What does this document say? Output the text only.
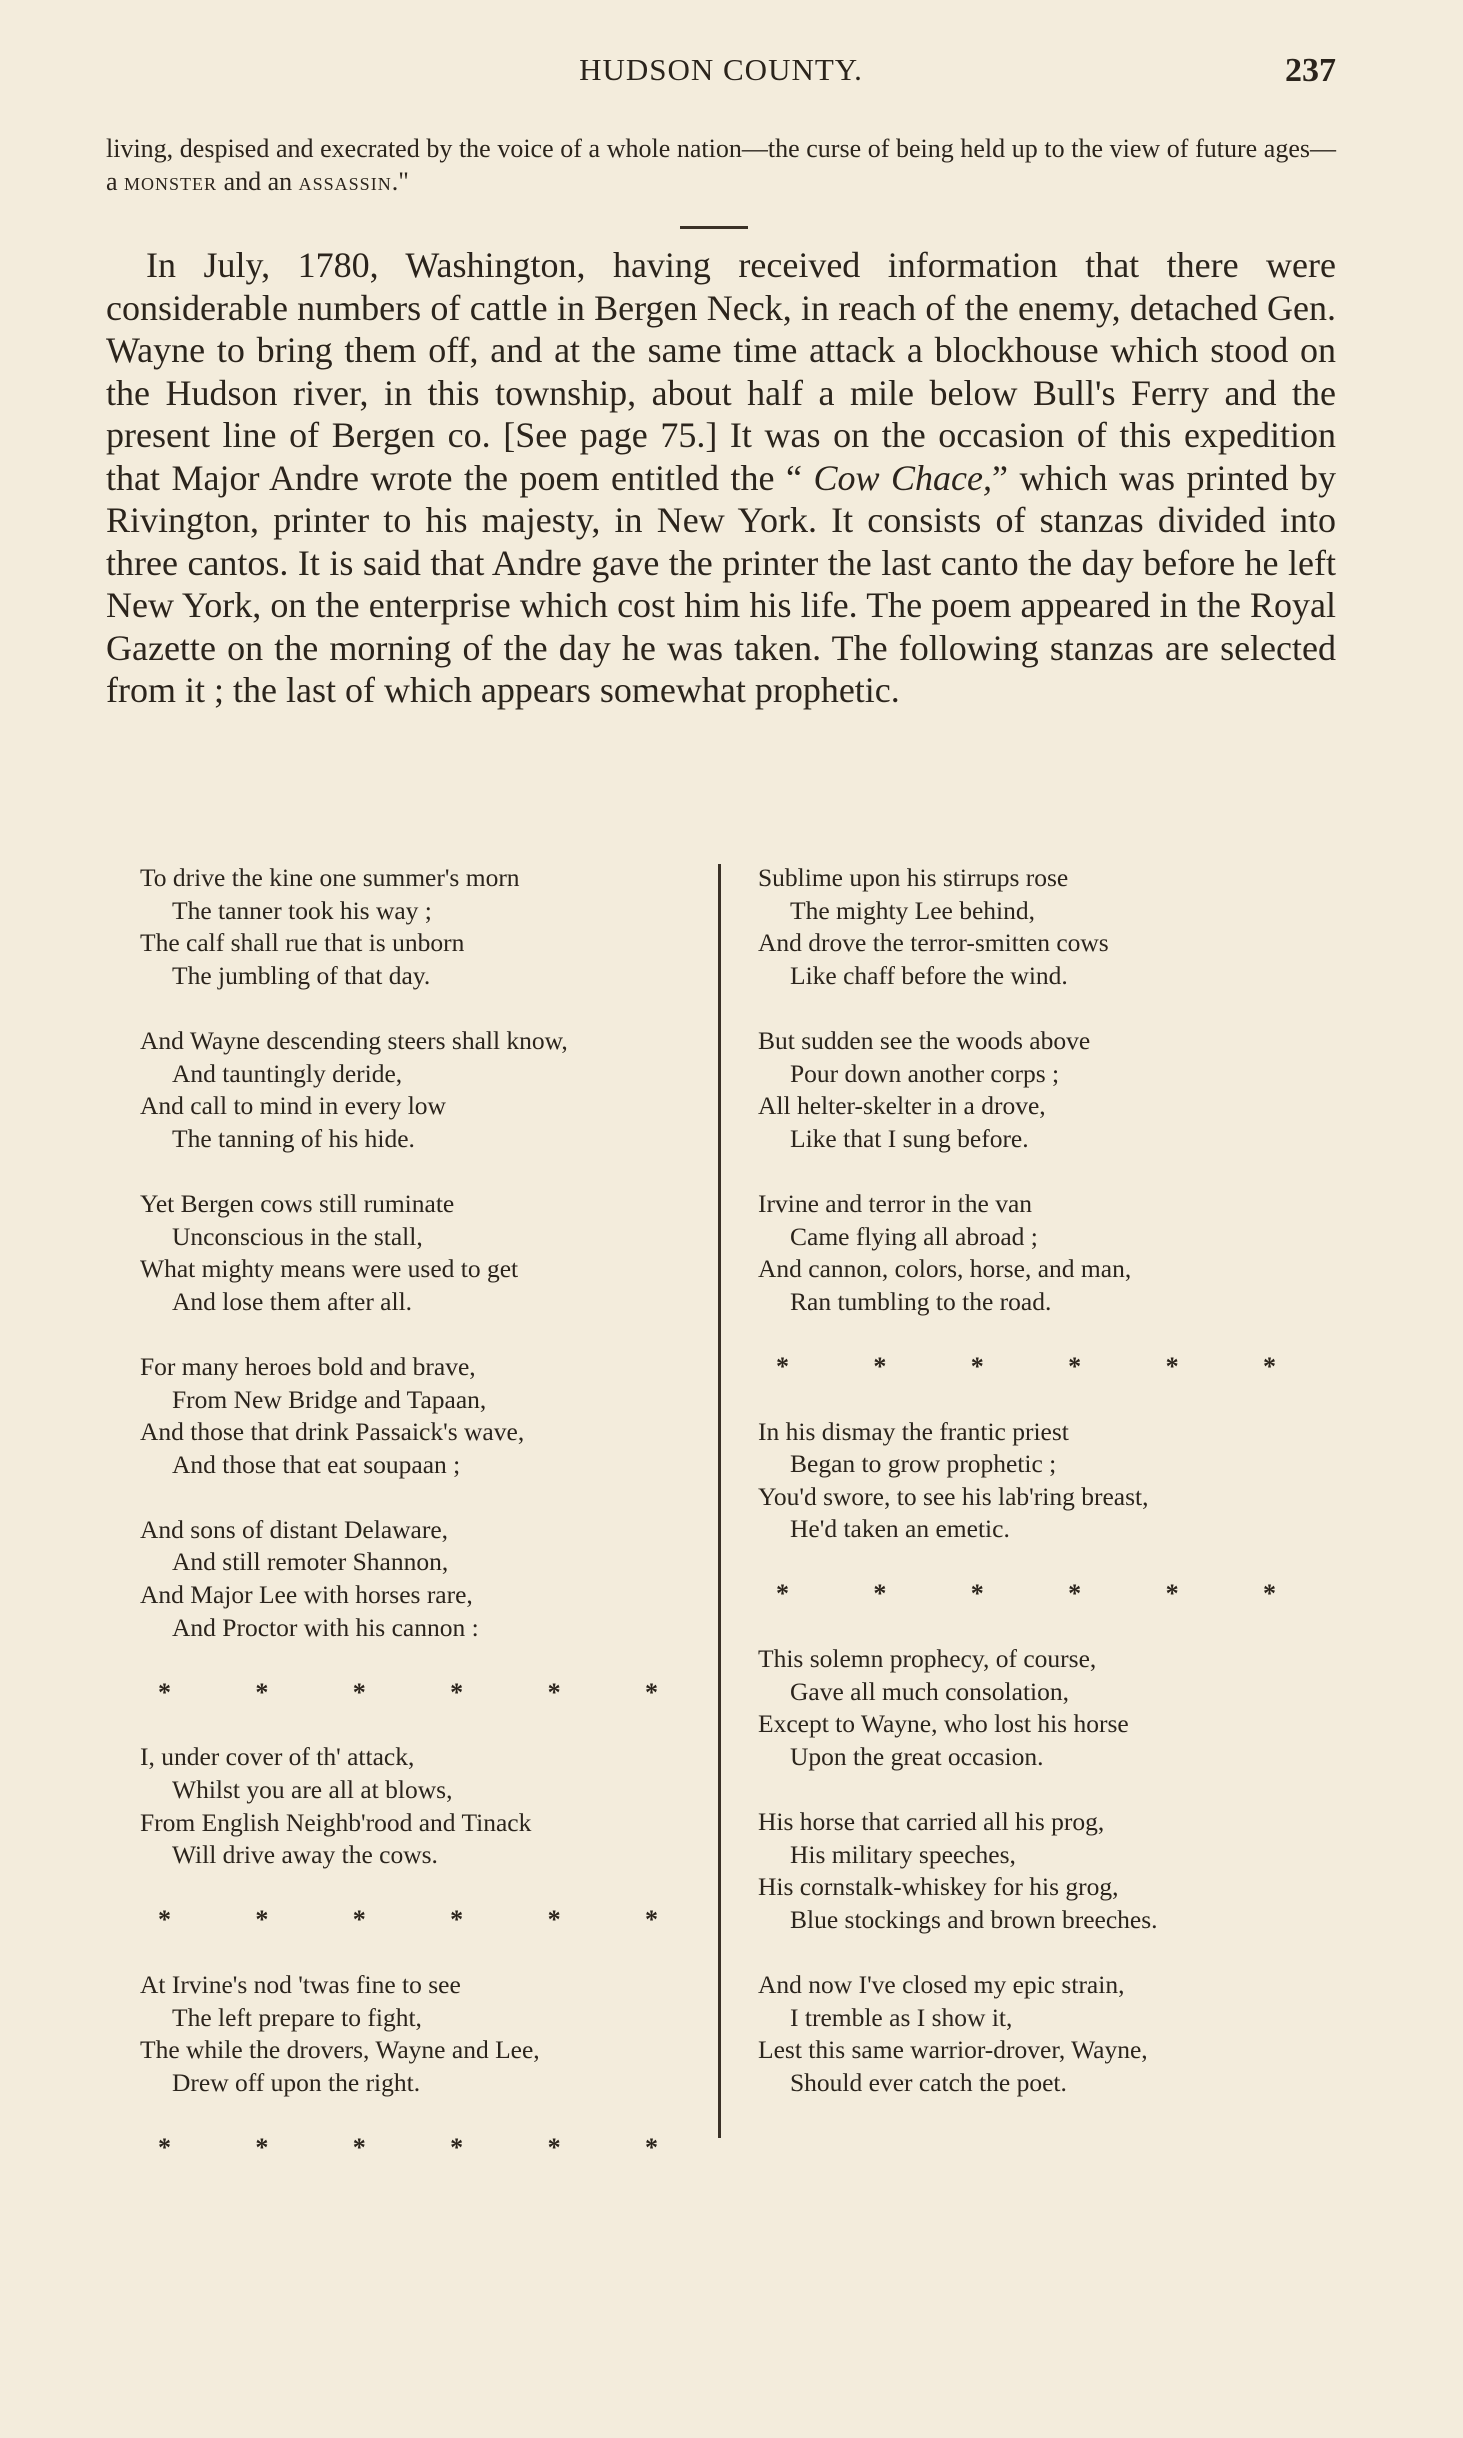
HUDSON COUNTY.	237
living, despised and execrated by the voice of a whole nation—the curse of being held up to the view of future ages—a monster and an assassin."

In July, 1780, Washington, having received information that there were considerable numbers of cattle in Bergen Neck, in reach of the enemy, detached Gen. Wayne to bring them off, and at the same time attack a blockhouse which stood on the Hudson river, in this township, about half a mile below Bull's Ferry and the present line of Bergen co. [See page 75.] It was on the occasion of this expedition that Major Andre wrote the poem entitled the “ Cow Chace,” which was printed by Rivington, printer to his majesty, in New York. It consists of stanzas divided into three cantos. It is said that Andre gave the printer the last canto the day before he left New York, on the enterprise which cost him his life. The poem appeared in the Royal Gazette on the morning of the day he was taken. The following stanzas are selected from it ; the last of which appears somewhat prophetic.

To drive the kine one summer's morn
The tanner took his way ;
The calf shall rue that is unborn
The jumbling of that day.
And Wayne descending steers shall know,
And tauntingly deride,
And call to mind in every low
The tanning of his hide.
Yet Bergen cows still ruminate
Unconscious in the stall,
What mighty means were used to get
And lose them after all.
For many heroes bold and brave,
From New Bridge and Tapaan,
And those that drink Passaick's wave,
And those that eat soupaan ;
And sons of distant Delaware,
And still remoter Shannon,
And Major Lee with horses rare,
And Proctor with his cannon :
*	*	*	*	*	*
I, under cover of th' attack,
Whilst you are all at blows,
From English Neighb'rood and Tinack
Will drive away the cows.
*	*	*	*	*	*
At Irvine's nod 'twas fine to see
The left prepare to fight,
The while the drovers, Wayne and Lee,
Drew off upon the right.
*	*	*	*	*	*
Sublime upon his stirrups rose
The mighty Lee behind,
And drove the terror-smitten cows
Like chaff before the wind.
But sudden see the woods above
Pour down another corps ;
All helter-skelter in a drove,
Like that I sung before.
Irvine and terror in the van
Came flying all abroad ;
And cannon, colors, horse, and man,
Ran tumbling to the road.
*	*	*	*	*	*
In his dismay the frantic priest
Began to grow prophetic ;
You'd swore, to see his lab'ring breast,
He'd taken an emetic.
*	*	*	*	*	*
This solemn prophecy, of course,
Gave all much consolation,
Except to Wayne, who lost his horse
Upon the great occasion.
His horse that carried all his prog,
His military speeches,
His cornstalk-whiskey for his grog,
Blue stockings and brown breeches.
And now I've closed my epic strain,
I tremble as I show it,
Lest this same warrior-drover, Wayne,
Should ever catch the poet.
